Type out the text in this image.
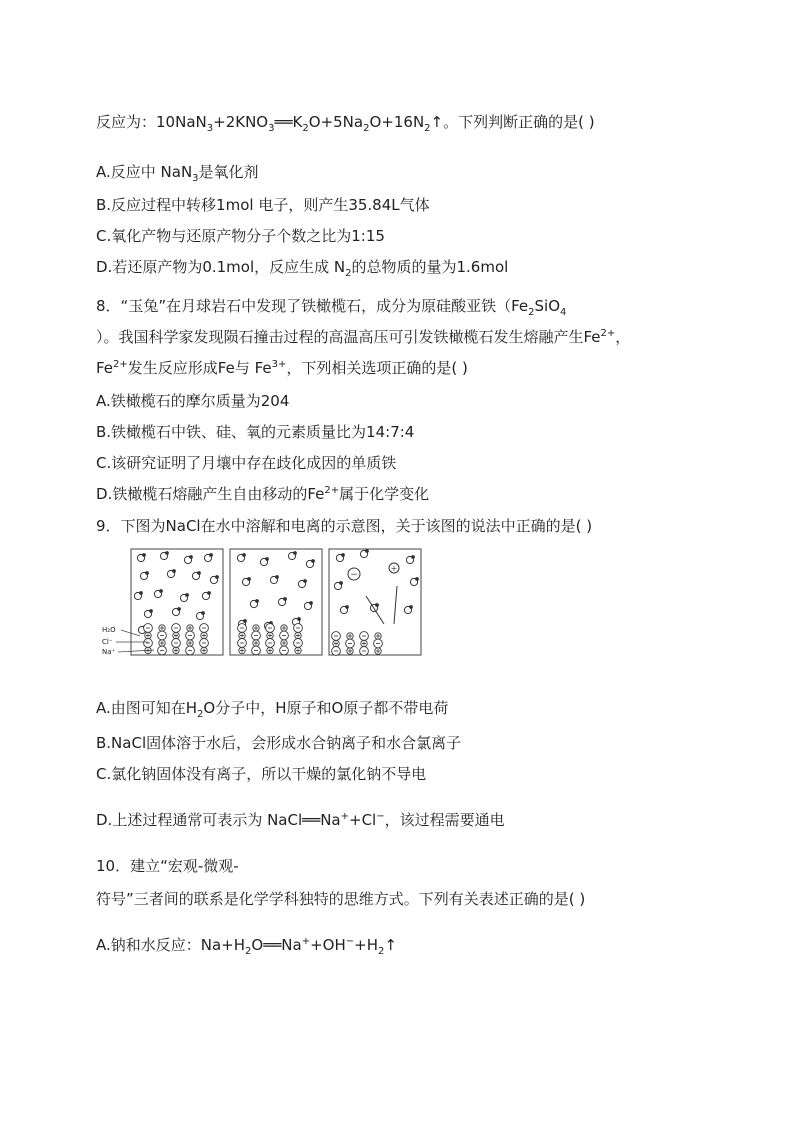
反应为：$10NaN_3+2KNO_3══K_2O+5Na_2O+16N_2↑$。下列判断正确的是( )
A.反应中 NaN$_3$是氧化剂
B.反应过程中转移1mol 电子，则产生35.84L气体
C.氧化产物与还原产物分子个数之比为1:15
D.若还原产物为0.1mol，反应生成 $N_2$的总物质的量为1.6mol
8．“玉兔”在月球岩石中发现了铁橄榄石，成分为原硅酸亚铁（$Fe_2SiO_4$
）。我国科学家发现陨石撞击过程的高温高压可引发铁橄榄石发生熔融产生$Fe^{2+}$，
$Fe^{2+}$发生反应形成Fe与 $Fe^{3+}$，下列相关选项正确的是( )
A.铁橄榄石的摩尔质量为204
B.铁橄榄石中铁、硅、氧的元素质量比为14:7:4
C.该研究证明了月壤中存在歧化成因的单质铁
D.铁橄榄石熔融产生自由移动的$Fe^{2+}$属于化学变化
9．下图为NaCl在水中溶解和电离的示意图，关于该图的说法中正确的是( )
−
+
H₂O
Cl⁻
Na⁺
A.由图可知在$H_2O$分子中，H原子和O原子都不带电荷
B.NaCl固体溶于水后，会形成水合钠离子和水合氯离子
C.氯化钠固体没有离子，所以干燥的氯化钠不导电
D.上述过程通常可表示为 NaCl══Na++Cl−，该过程需要通电
10．建立“宏观-微观-
符号”三者间的联系是化学学科独特的思维方式。下列有关表述正确的是( )
A.钠和水反应：$Na+H_2O══Na^++OH^-+H_2↑$
